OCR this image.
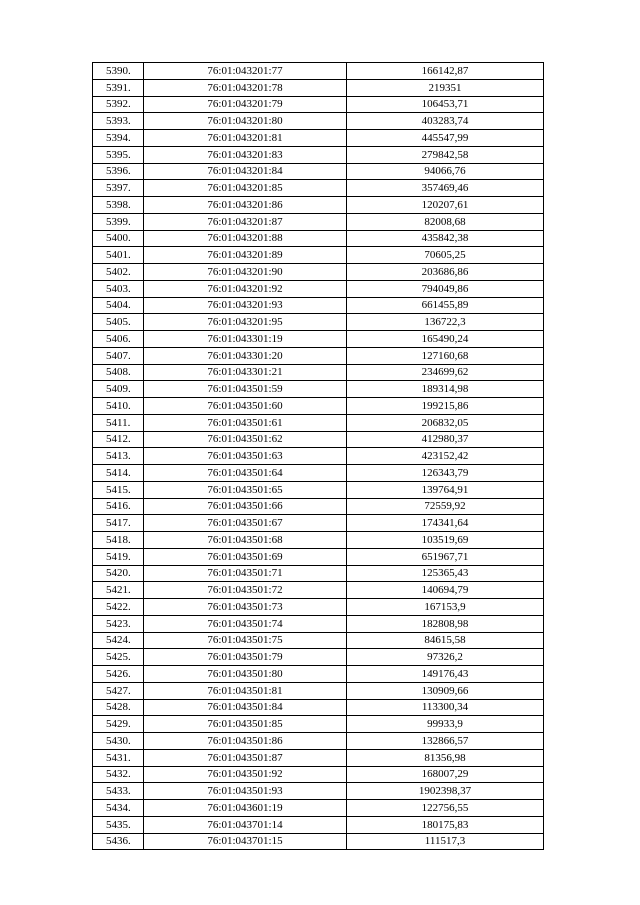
5390.	76:01:043201:77	166142,87
5391.	76:01:043201:78	219351
5392.	76:01:043201:79	106453,71
5393.	76:01:043201:80	403283,74
5394.	76:01:043201:81	445547,99
5395.	76:01:043201:83	279842,58
5396.	76:01:043201:84	94066,76
5397.	76:01:043201:85	357469,46
5398.	76:01:043201:86	120207,61
5399.	76:01:043201:87	82008,68
5400.	76:01:043201:88	435842,38
5401.	76:01:043201:89	70605,25
5402.	76:01:043201:90	203686,86
5403.	76:01:043201:92	794049,86
5404.	76:01:043201:93	661455,89
5405.	76:01:043201:95	136722,3
5406.	76:01:043301:19	165490,24
5407.	76:01:043301:20	127160,68
5408.	76:01:043301:21	234699,62
5409.	76:01:043501:59	189314,98
5410.	76:01:043501:60	199215,86
5411.	76:01:043501:61	206832,05
5412.	76:01:043501:62	412980,37
5413.	76:01:043501:63	423152,42
5414.	76:01:043501:64	126343,79
5415.	76:01:043501:65	139764,91
5416.	76:01:043501:66	72559,92
5417.	76:01:043501:67	174341,64
5418.	76:01:043501:68	103519,69
5419.	76:01:043501:69	651967,71
5420.	76:01:043501:71	125365,43
5421.	76:01:043501:72	140694,79
5422.	76:01:043501:73	167153,9
5423.	76:01:043501:74	182808,98
5424.	76:01:043501:75	84615,58
5425.	76:01:043501:79	97326,2
5426.	76:01:043501:80	149176,43
5427.	76:01:043501:81	130909,66
5428.	76:01:043501:84	113300,34
5429.	76:01:043501:85	99933,9
5430.	76:01:043501:86	132866,57
5431.	76:01:043501:87	81356,98
5432.	76:01:043501:92	168007,29
5433.	76:01:043501:93	1902398,37
5434.	76:01:043601:19	122756,55
5435.	76:01:043701:14	180175,83
5436.	76:01:043701:15	111517,3
